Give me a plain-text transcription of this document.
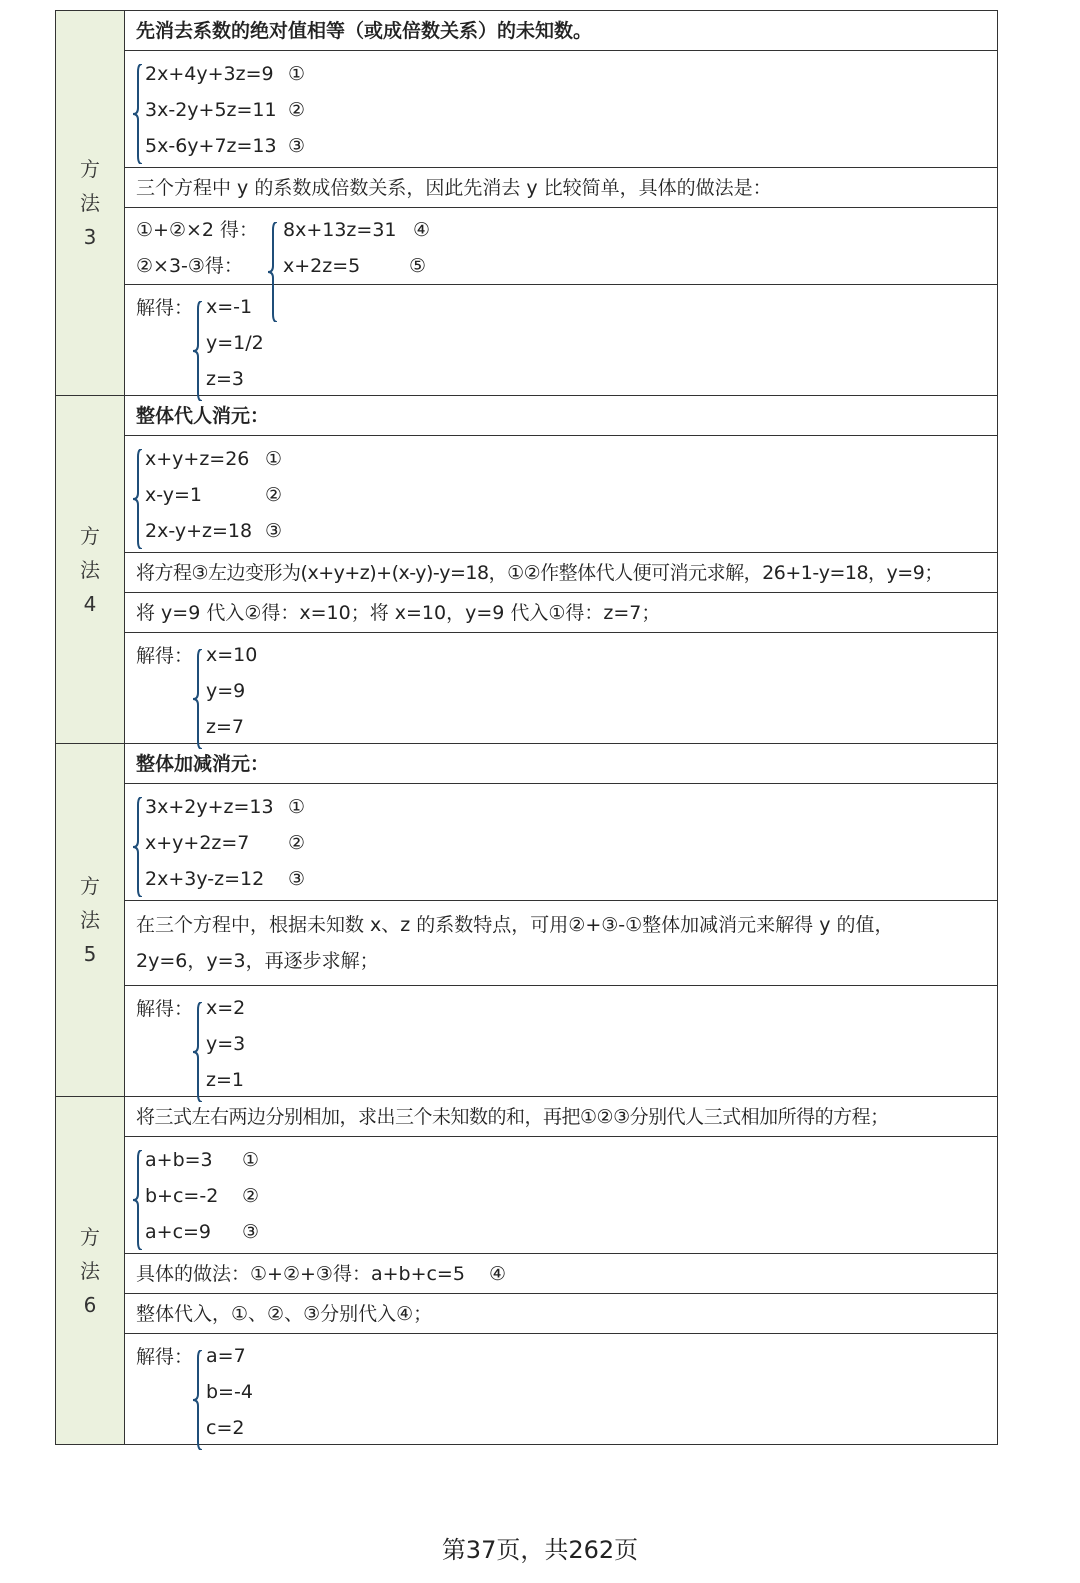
方
法
3
先消去系数的绝对值相等（或成倍数关系）的未知数。
2x+4y+3z=9 ①
3x-2y+5z=11 ②
5x-6y+7z=13 ③
三个方程中 y 的系数成倍数关系，因此先消去 y 比较简单，具体的做法是：
①+②×2 得：
②×3-③得：
8x+13z=31
x+2z=5
④
⑤
解得： x=-1
y=1/2
z=3
方
法
4
整体代人消元：
x+y+z=26 ①
x-y=1	②
2x-y+z=18 ③
将方程③左边变形为(x+y+z)+(x-y)-y=18，①②作整体代人便可消元求解，26+1-y=18，y=9；
将 y=9 代入②得：x=10；将 x=10，y=9 代入①得：z=7；
解得： x=10
y=9
z=7
方
法
5
整体加减消元：
3x+2y+z=13 ①
x+y+2z=7 ②
2x+3y-z=12 ③
在三个方程中，根据未知数 x、z 的系数特点，可用②+③-①整体加减消元来解得 y 的值，
2y=6，y=3，再逐步求解；
解得： x=2
y=3
z=1
方
法
6
将三式左右两边分别相加，求出三个未知数的和，再把①②③分别代人三式相加所得的方程；
a+b=3 ①
b+c=-2 ②
a+c=9 ③
具体的做法：①+②+③得：a+b+c=5 ④
整体代入，①、②、③分别代入④；
解得： a=7
b=-4
c=2
第37页，共262页
